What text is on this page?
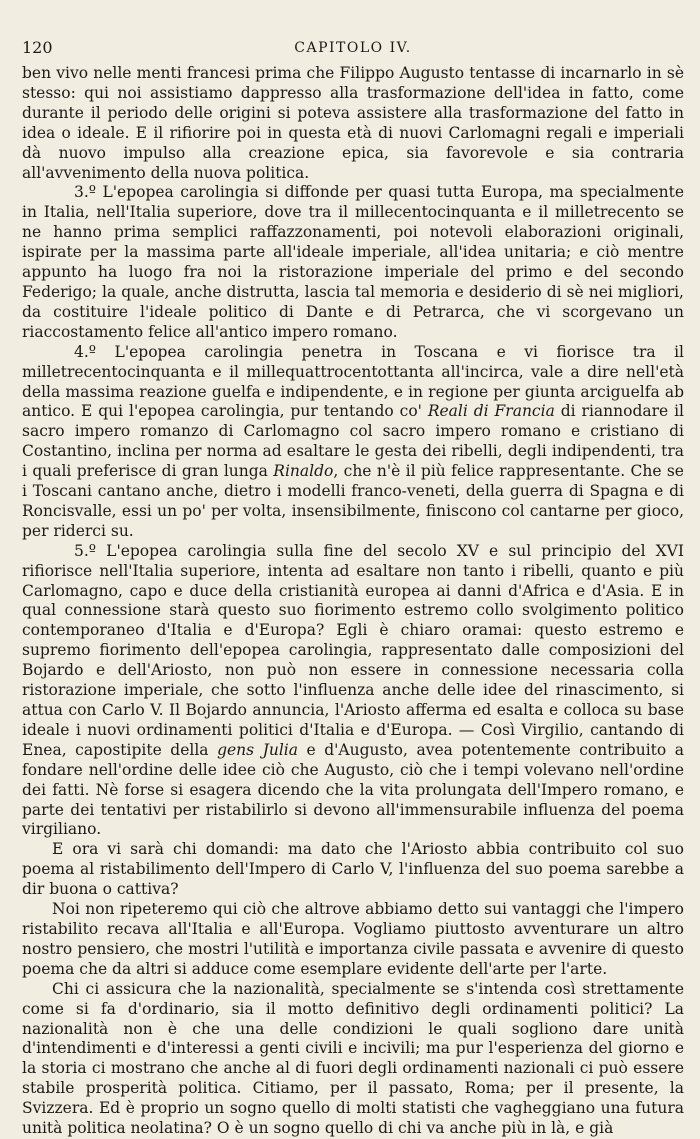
120	CAPITOLO IV.

ben vivo nelle menti francesi prima che Filippo Augusto tentasse di incarnarlo in sè stesso: qui noi assistiamo dappresso alla trasformazione dell'idea in fatto, come durante il periodo delle origini si poteva assistere alla trasformazione del fatto in idea o ideale. E il rifiorire poi in questa età di nuovi Carlomagni regali e imperiali dà nuovo impulso alla creazione epica, sia favorevole e sia contraria all'avvenimento della nuova politica.

3.º L'epopea carolingia si diffonde per quasi tutta Europa, ma specialmente in Italia, nell'Italia superiore, dove tra il millecentocinquanta e il milletrecento se ne hanno prima semplici raffazzonamenti, poi notevoli elaborazioni originali, ispirate per la massima parte all'ideale imperiale, all'idea unitaria; e ciò mentre appunto ha luogo fra noi la ristorazione imperiale del primo e del secondo Federigo; la quale, anche distrutta, lascia tal memoria e desiderio di sè nei migliori, da costituire l'ideale politico di Dante e di Petrarca, che vi scorgevano un riaccostamento felice all'antico impero romano.

4.º L'epopea carolingia penetra in Toscana e vi fiorisce tra il milletrecentocinquanta e il millequattrocentottanta all'incirca, vale a dire nell'età della massima reazione guelfa e indipendente, e in regione per giunta arciguelfa ab antico. E qui l'epopea carolingia, pur tentando co' Reali di Francia di riannodare il sacro impero romanzo di Carlomagno col sacro impero romano e cristiano di Costantino, inclina per norma ad esaltare le gesta dei ribelli, degli indipendenti, tra i quali preferisce di gran lunga Rinaldo, che n'è il più felice rappresentante. Che se i Toscani cantano anche, dietro i modelli franco-veneti, della guerra di Spagna e di Roncisvalle, essi un po' per volta, insensibilmente, finiscono col cantarne per gioco, per riderci su.

5.º L'epopea carolingia sulla fine del secolo XV e sul principio del XVI rifiorisce nell'Italia superiore, intenta ad esaltare non tanto i ribelli, quanto e più Carlomagno, capo e duce della cristianità europea ai danni d'Africa e d'Asia. E in qual connessione starà questo suo fiorimento estremo collo svolgimento politico contemporaneo d'Italia e d'Europa? Egli è chiaro oramai: questo estremo e supremo fiorimento dell'epopea carolingia, rappresentato dalle composizioni del Bojardo e dell'Ariosto, non può non essere in connessione necessaria colla ristorazione imperiale, che sotto l'influenza anche delle idee del rinascimento, si attua con Carlo V. Il Bojardo annuncia, l'Ariosto afferma ed esalta e colloca su base ideale i nuovi ordinamenti politici d'Italia e d'Europa. — Così Virgilio, cantando di Enea, capostipite della gens Julia e d'Augusto, avea potentemente contribuito a fondare nell'ordine delle idee ciò che Augusto, ciò che i tempi volevano nell'ordine dei fatti. Nè forse si esagera dicendo che la vita prolungata dell'Impero romano, e parte dei tentativi per ristabilirlo si devono all'immensurabile influenza del poema virgiliano.

E ora vi sarà chi domandi: ma dato che l'Ariosto abbia contribuito col suo poema al ristabilimento dell'Impero di Carlo V, l'influenza del suo poema sarebbe a dir buona o cattiva?

Noi non ripeteremo qui ciò che altrove abbiamo detto sui vantaggi che l'impero ristabilito recava all'Italia e all'Europa. Vogliamo piuttosto avventurare un altro nostro pensiero, che mostri l'utilità e importanza civile passata e avvenire di questo poema che da altri si adduce come esemplare evidente dell'arte per l'arte.

Chi ci assicura che la nazionalità, specialmente se s'intenda così strettamente come si fa d'ordinario, sia il motto definitivo degli ordinamenti politici? La nazionalità non è che una delle condizioni le quali sogliono dare unità d'intendimenti e d'interessi a genti civili e incivili; ma pur l'esperienza del giorno e la storia ci mostrano che anche al di fuori degli ordinamenti nazionali ci può essere stabile prosperità politica. Citiamo, per il passato, Roma; per il presente, la Svizzera. Ed è proprio un sogno quello di molti statisti che vagheggiano una futura unità politica neolatina? O è un sogno quello di chi va anche più in là, e già
